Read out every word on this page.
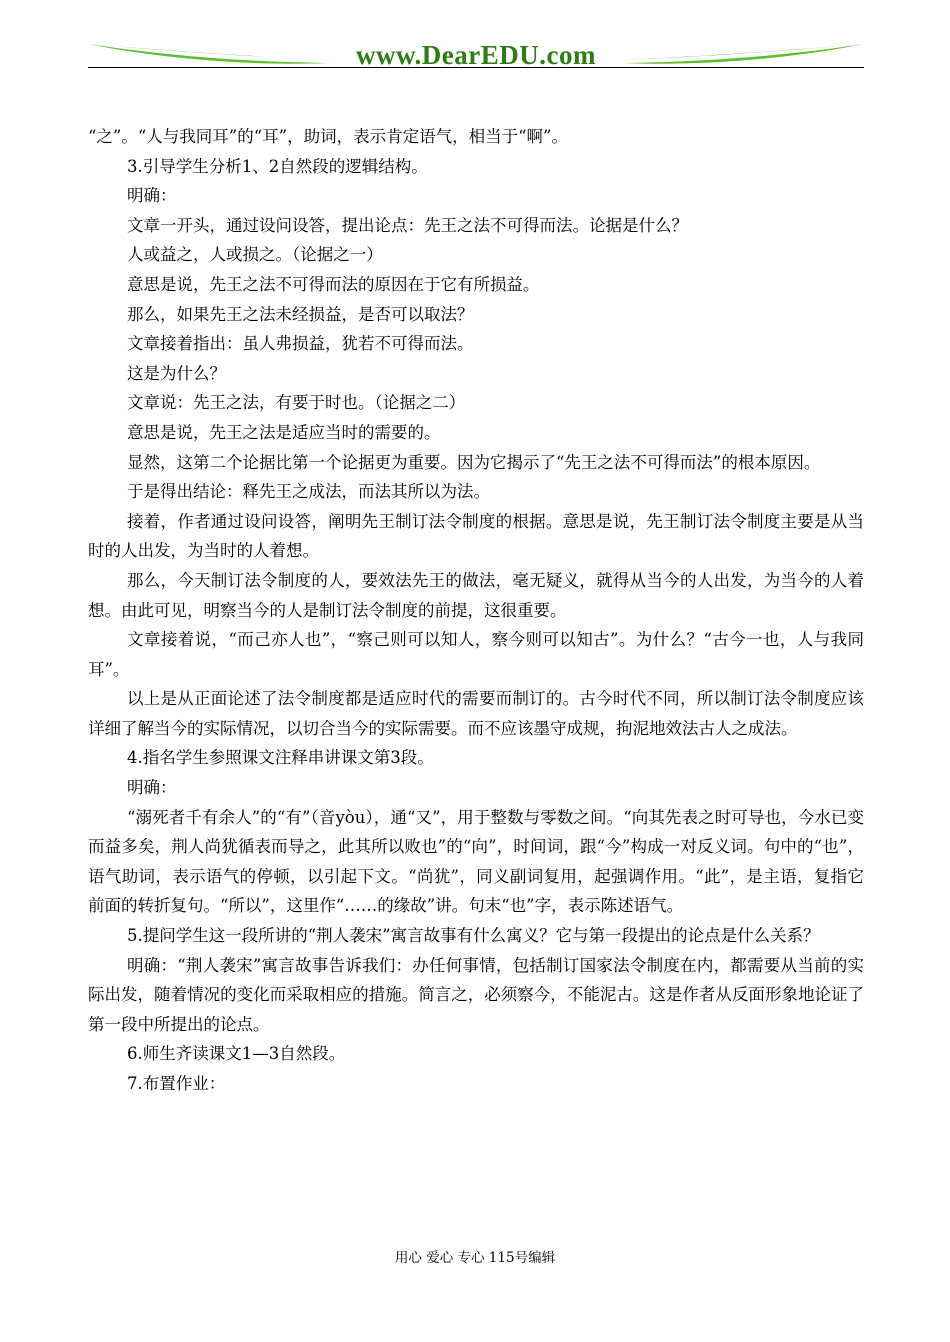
www.DearEDU.com

“之”。“人与我同耳”的“耳”，助词，表示肯定语气，相当于“啊”。

3.引导学生分析1、2自然段的逻辑结构。

明确：

文章一开头，通过设问设答，提出论点：先王之法不可得而法。论据是什么？

人或益之，人或损之。（论据之一）

意思是说，先王之法不可得而法的原因在于它有所损益。

那么，如果先王之法未经损益，是否可以取法？

文章接着指出：虽人弗损益，犹若不可得而法。

这是为什么？

文章说：先王之法，有要于时也。（论据之二）

意思是说，先王之法是适应当时的需要的。

显然，这第二个论据比第一个论据更为重要。因为它揭示了“先王之法不可得而法”的根本原因。

于是得出结论：释先王之成法，而法其所以为法。

接着，作者通过设问设答，阐明先王制订法令制度的根据。意思是说，先王制订法令制度主要是从当时的人出发，为当时的人着想。

那么，今天制订法令制度的人，要效法先王的做法，毫无疑义，就得从当今的人出发，为当今的人着想。由此可见，明察当今的人是制订法令制度的前提，这很重要。

文章接着说，“而己亦人也”，“察己则可以知人，察今则可以知古”。为什么？“古今一也，人与我同耳”。

以上是从正面论述了法令制度都是适应时代的需要而制订的。古今时代不同，所以制订法令制度应该详细了解当今的实际情况，以切合当今的实际需要。而不应该墨守成规，拘泥地效法古人之成法。

4.指名学生参照课文注释串讲课文第3段。

明确：

“溺死者千有余人”的“有”（音yòu），通“又”，用于整数与零数之间。“向其先表之时可导也，今水已变而益多矣，荆人尚犹循表而导之，此其所以败也”的“向”，时间词，跟“今”构成一对反义词。句中的“也”，语气助词，表示语气的停顿，以引起下文。“尚犹”，同义副词复用，起强调作用。“此”，是主语，复指它前面的转折复句。“所以”，这里作“……的缘故”讲。句末“也”字，表示陈述语气。

5.提问学生这一段所讲的“荆人袭宋”寓言故事有什么寓义？它与第一段提出的论点是什么关系？

明确：“荆人袭宋”寓言故事告诉我们：办任何事情，包括制订国家法令制度在内，都需要从当前的实际出发，随着情况的变化而采取相应的措施。简言之，必须察今，不能泥古。这是作者从反面形象地论证了第一段中所提出的论点。

6.师生齐读课文1—3自然段。

7.布置作业：

用心 爱心 专心 115号编辑
